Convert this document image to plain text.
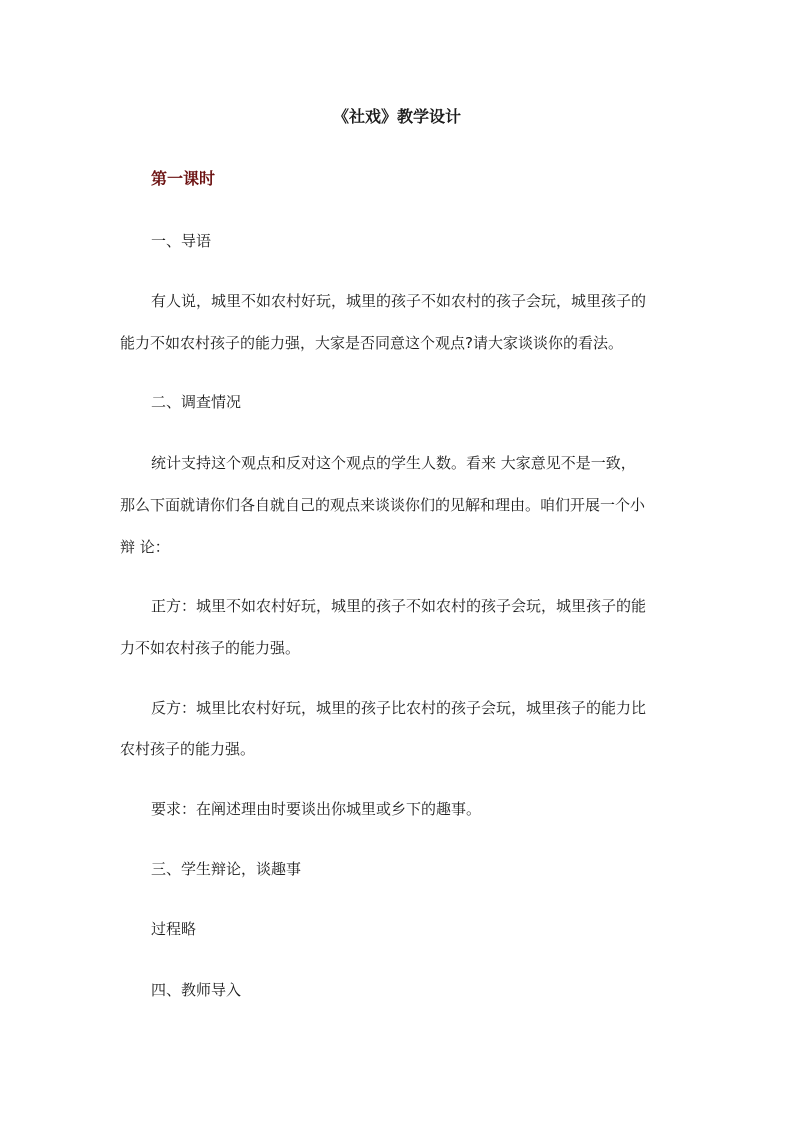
《社戏》教学设计
第一课时
一、导语
有人说，城里不如农村好玩，城里的孩子不如农村的孩子会玩，城里孩子的
能力不如农村孩子的能力强，大家是否同意这个观点?请大家谈谈你的看法。
二、调查情况
统计支持这个观点和反对这个观点的学生人数。看来 大家意见不是一致，
那么下面就请你们各自就自己的观点来谈谈你们的见解和理由。咱们开展一个小
辩 论：
正方：城里不如农村好玩，城里的孩子不如农村的孩子会玩，城里孩子的能
力不如农村孩子的能力强。
反方：城里比农村好玩，城里的孩子比农村的孩子会玩，城里孩子的能力比
农村孩子的能力强。
要求：在阐述理由时要谈出你城里或乡下的趣事。
三、学生辩论，谈趣事
过程略
四、教师导入
